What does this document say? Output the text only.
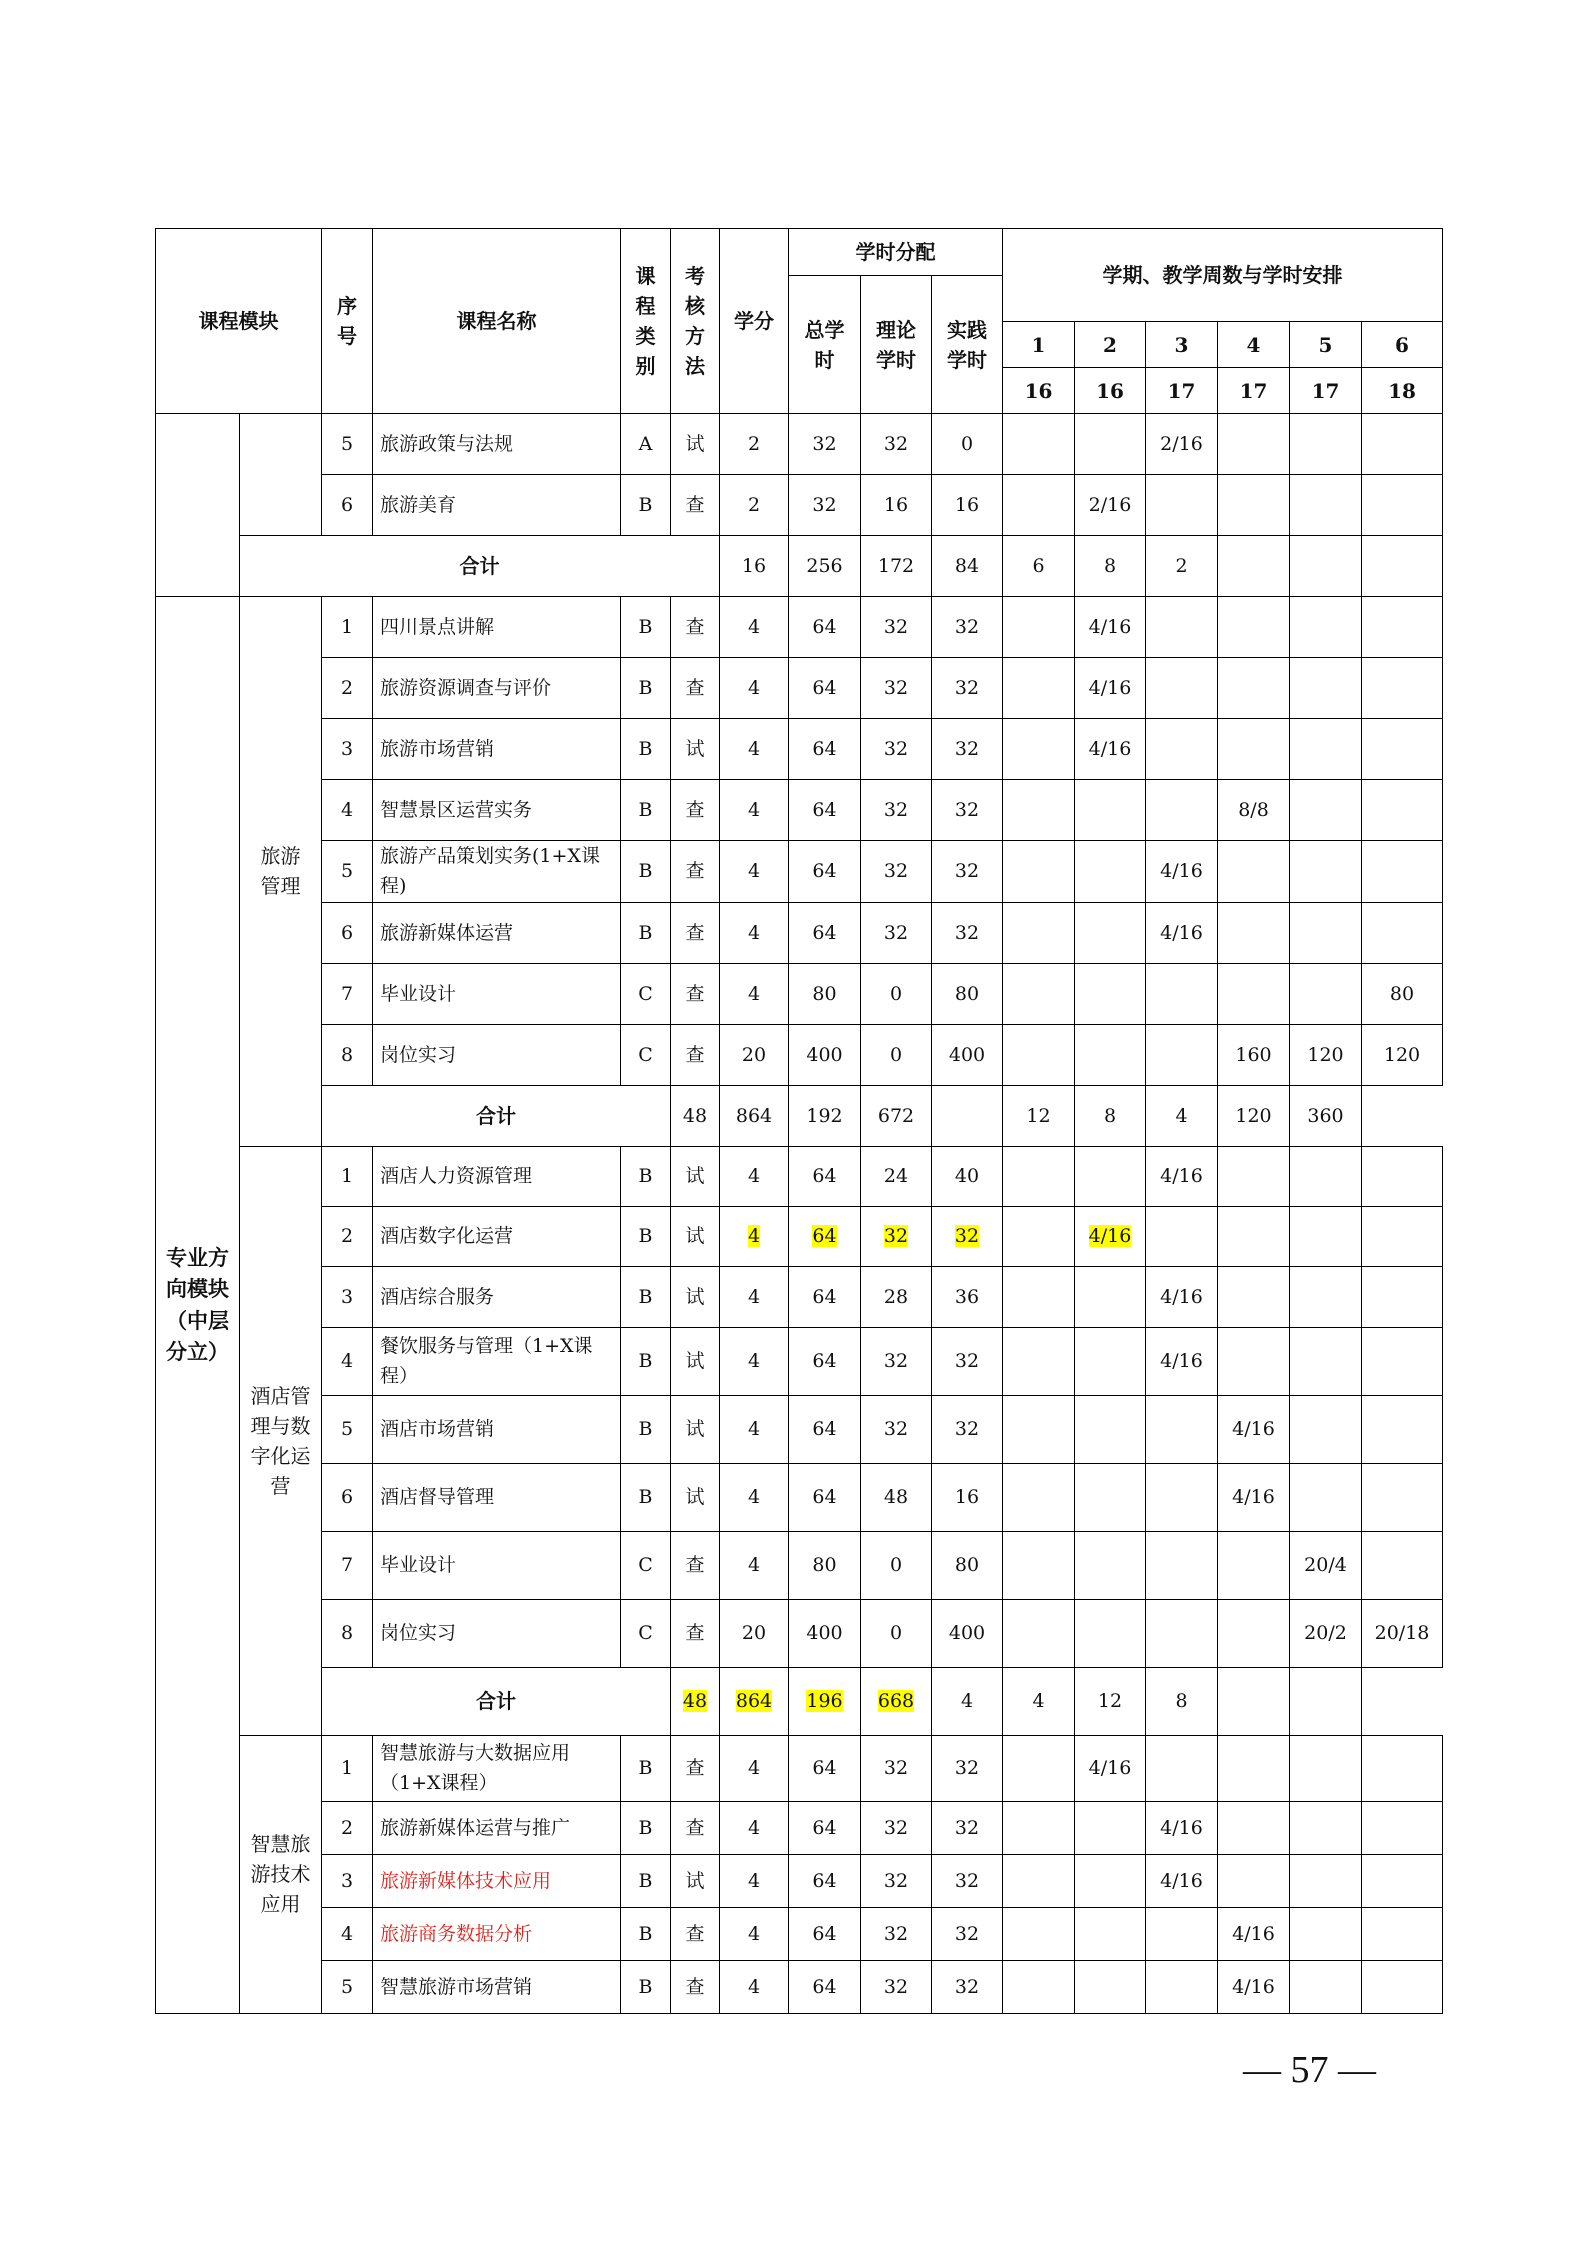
课程模块		序号	课程名称	课程类别	考核方法	学分	学时分配			学期、教学周数与学时安排					
							总学时	理论学时	实践学时						
										1	2	3	4	5	6
										16	16	17	17	17	18
		5	旅游政策与法规	A	试	2	32	32	0			2/16			
		6	旅游美育	B	查	2	32	16	16		2/16				
	合计					16	256	172	84	6	8	2			
专业方向模块（中层分立）	旅游管理	1	四川景点讲解	B	查	4	64	32	32		4/16				
		2	旅游资源调查与评价	B	查	4	64	32	32		4/16				
		3	旅游市场营销	B	试	4	64	32	32		4/16				
		4	智慧景区运营实务	B	查	4	64	32	32				8/8		
		5	旅游产品策划实务(1+X课程)	B	查	4	64	32	32			4/16			
		6	旅游新媒体运营	B	查	4	64	32	32			4/16			
		7	毕业设计	C	查	4	80	0	80						80
		8	岗位实习	C	查	20	400	0	400				160	120	120
		合计			48	864	192	672		12	8	4	120	360	
	酒店管理与数字化运营	1	酒店人力资源管理	B	试	4	64	24	40			4/16			
		2	酒店数字化运营	B	试	4	64	32	32		4/16				
		3	酒店综合服务	B	试	4	64	28	36			4/16			
		4	餐饮服务与管理（1+X课程）	B	试	4	64	32	32			4/16			
		5	酒店市场营销	B	试	4	64	32	32				4/16		
		6	酒店督导管理	B	试	4	64	48	16				4/16		
		7	毕业设计	C	查	4	80	0	80					20/4	
		8	岗位实习	C	查	20	400	0	400					20/2	20/18
		合计			48	864	196	668	4	4	12	8			
	智慧旅游技术应用	1	智慧旅游与大数据应用（1+X课程）	B	查	4	64	32	32		4/16				
		2	旅游新媒体运营与推广	B	查	4	64	32	32			4/16			
		3	旅游新媒体技术应用	B	试	4	64	32	32			4/16			
		4	旅游商务数据分析	B	查	4	64	32	32				4/16		
		5	智慧旅游市场营销	B	查	4	64	32	32				4/16		
— 57 —
